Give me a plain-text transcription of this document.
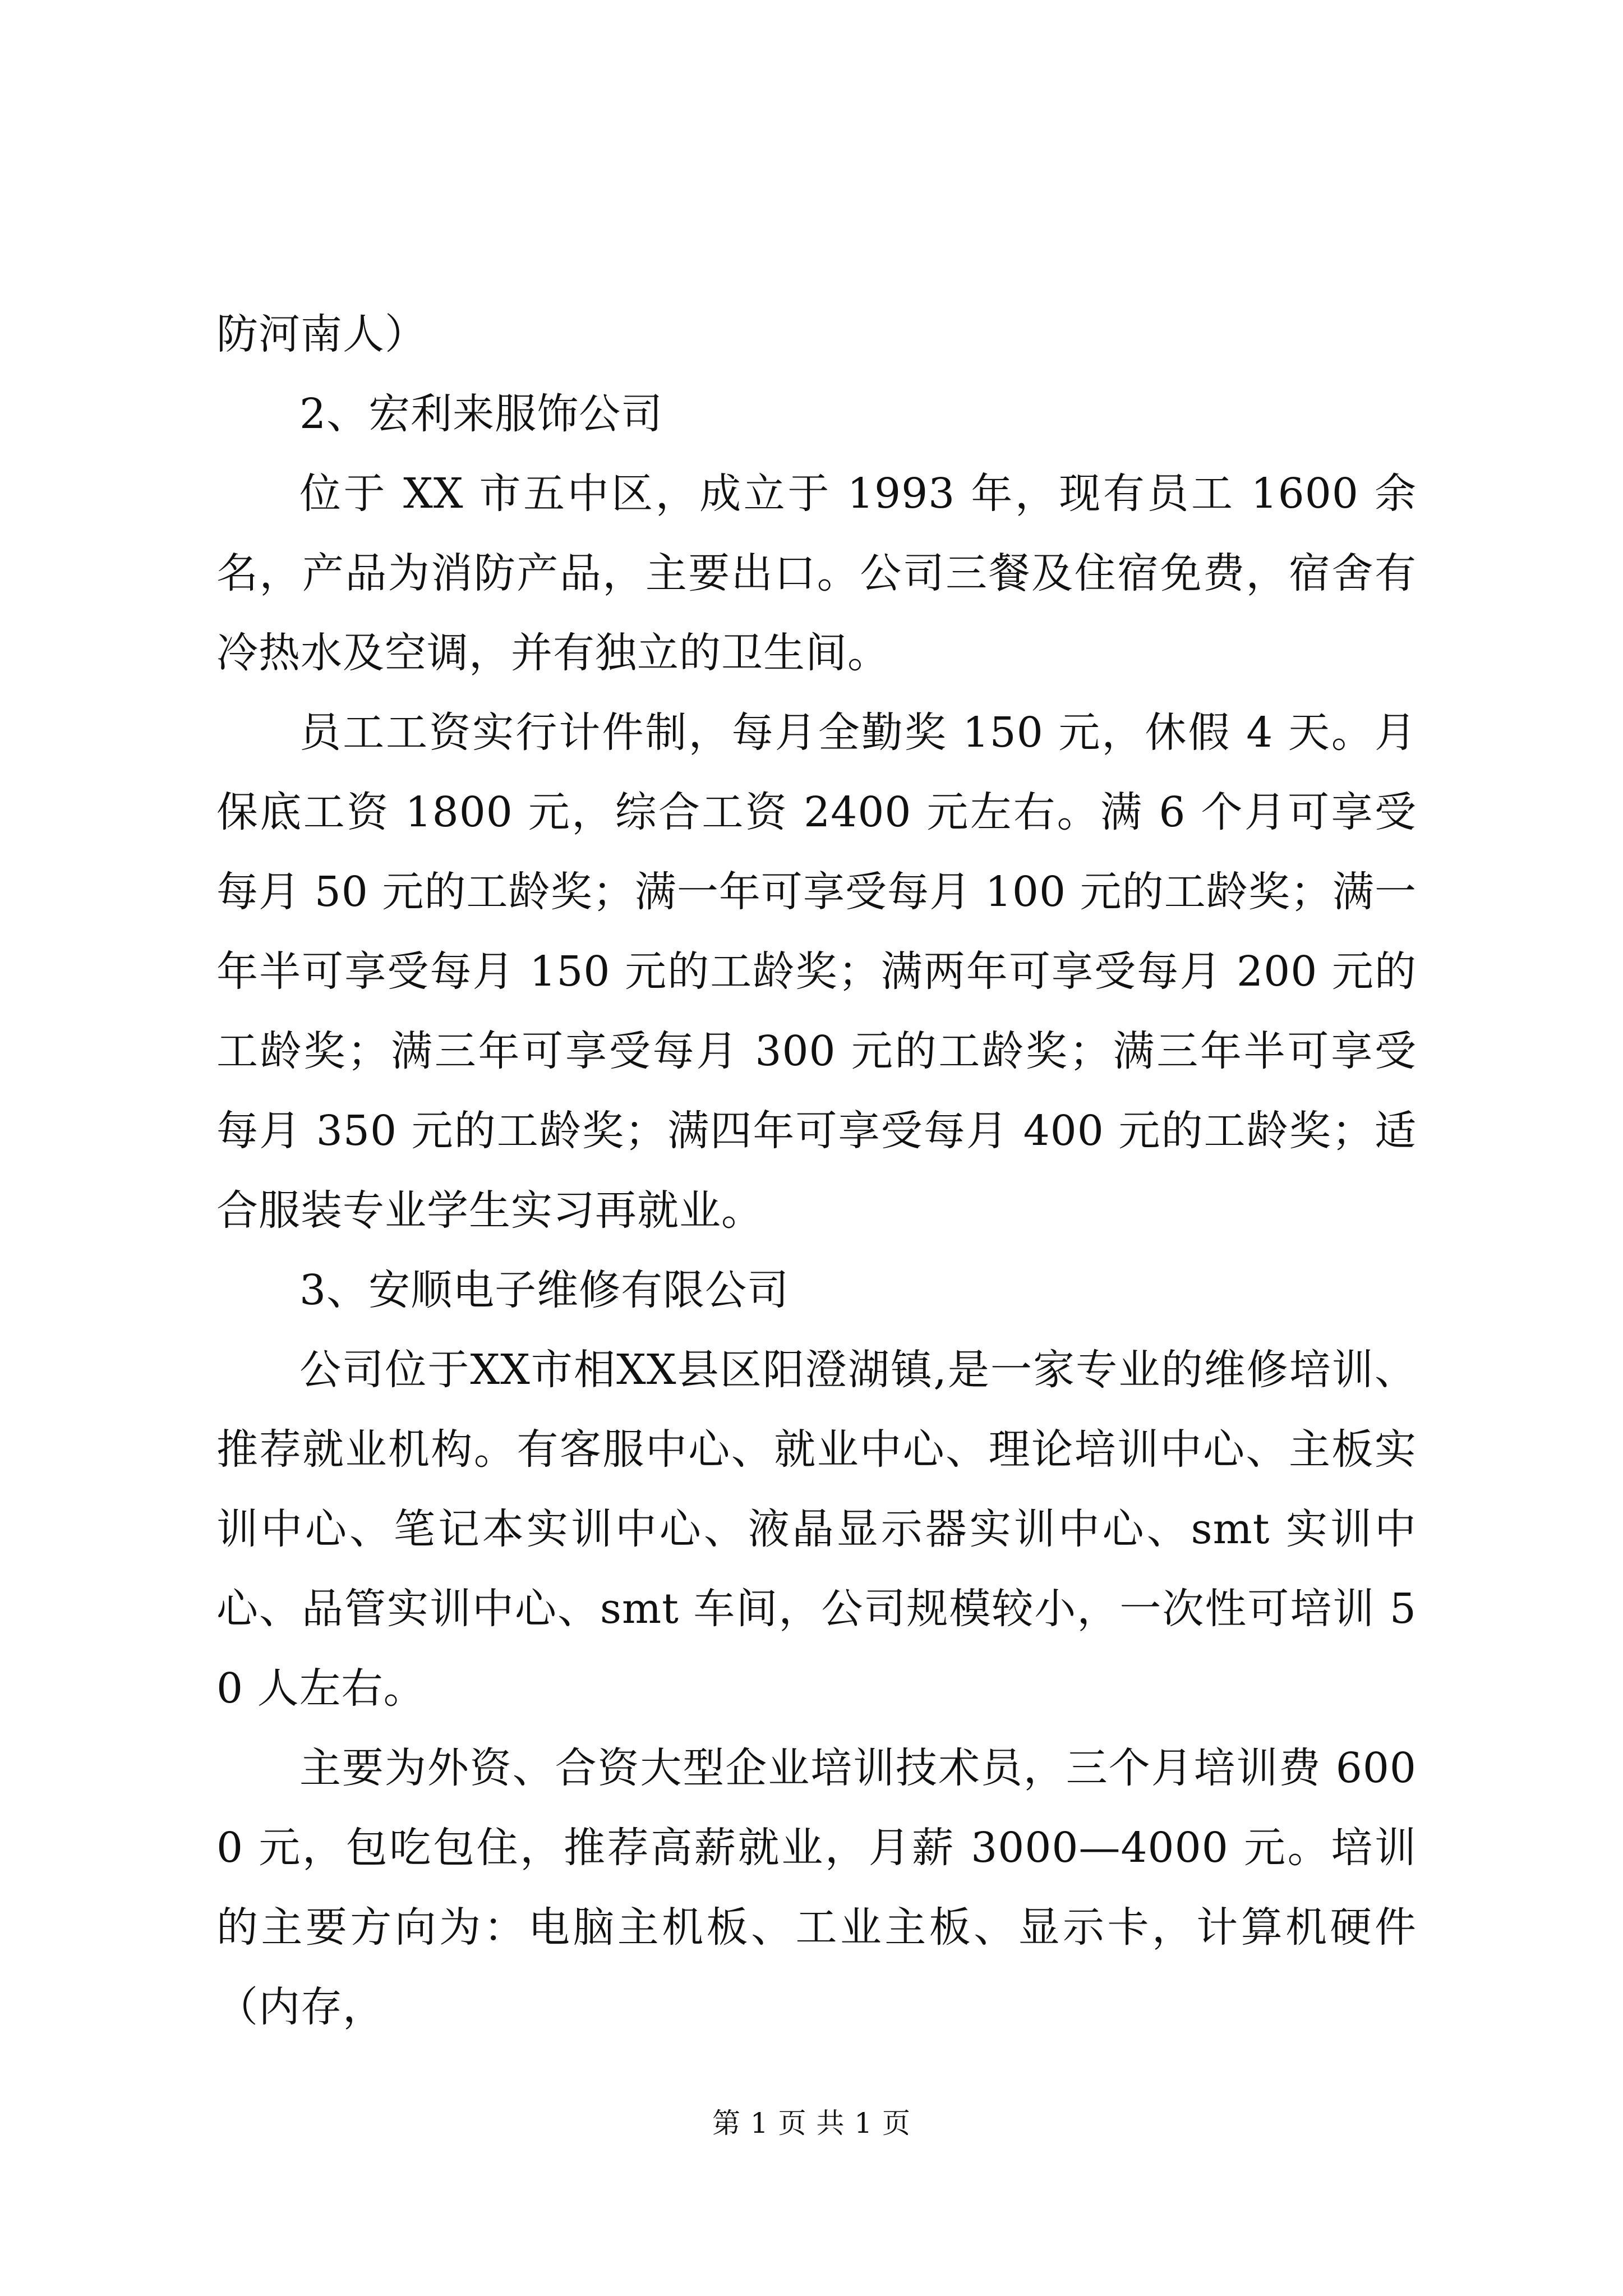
防河南人）

2、宏利来服饰公司

位于 XX 市五中区，成立于 1993 年，现有员工 1600 余名，产品为消防产品，主要出口。公司三餐及住宿免费，宿舍有冷热水及空调，并有独立的卫生间。

员工工资实行计件制，每月全勤奖 150 元，休假 4 天。月保底工资 1800 元，综合工资 2400 元左右。满 6 个月可享受每月 50 元的工龄奖；满一年可享受每月 100 元的工龄奖；满一年半可享受每月 150 元的工龄奖；满两年可享受每月 200 元的工龄奖；满三年可享受每月 300 元的工龄奖；满三年半可享受每月 350 元的工龄奖；满四年可享受每月 400 元的工龄奖；适合服装专业学生实习再就业。

3、安顺电子维修有限公司

公司位于XX市相XX县区阳澄湖镇,是一家专业的维修培训、推荐就业机构。有客服中心、就业中心、理论培训中心、主板实训中心、笔记本实训中心、液晶显示器实训中心、smt 实训中心、品管实训中心、smt 车间，公司规模较小，一次性可培训 50 人左右。

主要为外资、合资大型企业培训技术员，三个月培训费 6000 元，包吃包住，推荐高薪就业，月薪 3000—4000 元。培训的主要方向为：电脑主机板、工业主板、显示卡，计算机硬件（内存，

第 1 页 共 1 页
